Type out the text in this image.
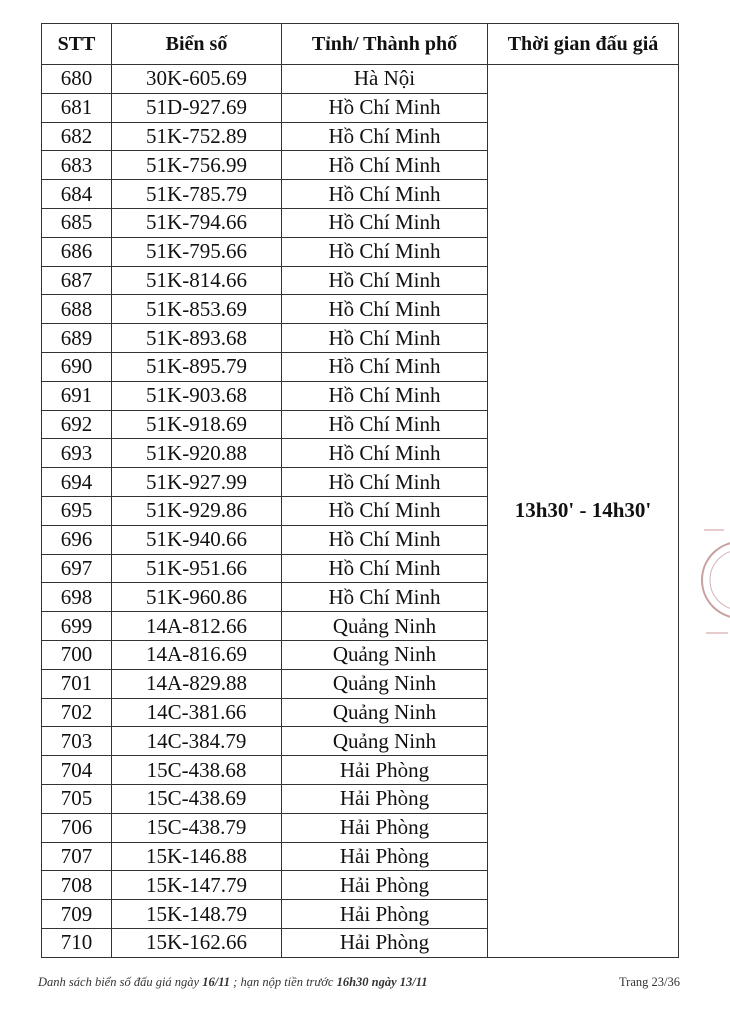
STT	Biển số	Tỉnh/ Thành phố	Thời gian đấu giá
680	30K-605.69	Hà Nội	13h30' - 14h30'
681	51D-927.69	Hồ Chí Minh	
682	51K-752.89	Hồ Chí Minh	
683	51K-756.99	Hồ Chí Minh	
684	51K-785.79	Hồ Chí Minh	
685	51K-794.66	Hồ Chí Minh	
686	51K-795.66	Hồ Chí Minh	
687	51K-814.66	Hồ Chí Minh	
688	51K-853.69	Hồ Chí Minh	
689	51K-893.68	Hồ Chí Minh	
690	51K-895.79	Hồ Chí Minh	
691	51K-903.68	Hồ Chí Minh	
692	51K-918.69	Hồ Chí Minh	
693	51K-920.88	Hồ Chí Minh	
694	51K-927.99	Hồ Chí Minh	
695	51K-929.86	Hồ Chí Minh	
696	51K-940.66	Hồ Chí Minh	
697	51K-951.66	Hồ Chí Minh	
698	51K-960.86	Hồ Chí Minh	
699	14A-812.66	Quảng Ninh	
700	14A-816.69	Quảng Ninh	
701	14A-829.88	Quảng Ninh	
702	14C-381.66	Quảng Ninh	
703	14C-384.79	Quảng Ninh	
704	15C-438.68	Hải Phòng	
705	15C-438.69	Hải Phòng	
706	15C-438.79	Hải Phòng	
707	15K-146.88	Hải Phòng	
708	15K-147.79	Hải Phòng	
709	15K-148.79	Hải Phòng	
710	15K-162.66	Hải Phòng	
Danh sách biển số đấu giá ngày 16/11 ; hạn nộp tiền trước 16h30 ngày 13/11	Trang 23/36
